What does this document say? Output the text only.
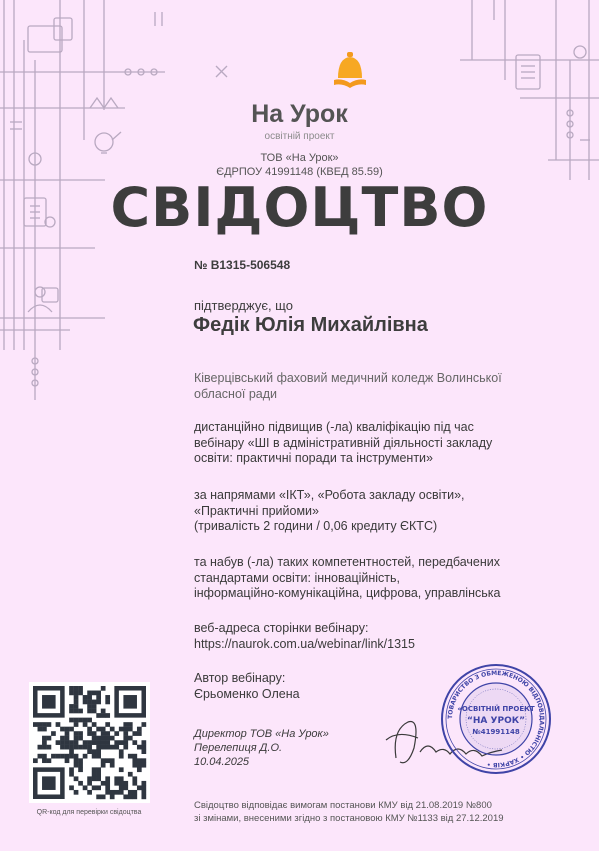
На Урок
освітній проект
ТОВ «На Урок»
ЄДРПОУ 41991148 (КВЕД 85.59)
СВІДОЦТВО
№ B1315-506548
підтверджує, що
Федік Юлія Михайлівна
Ківерцівський фаховий медичний коледж Волинської
обласної ради
дистанційно підвищив (-ла) кваліфікацію під час
вебінару «ШІ в адміністративній діяльності закладу
освіти: практичні поради та інструменти»
за напрямами «ІКТ», «Робота закладу освіти»,
«Практичні прийоми»
(тривалість 2 години / 0,06 кредиту ЄКТС)
та набув (-ла) таких компетентностей, передбачених
стандартами освіти: інноваційність,
інформаційно-комунікаційна, цифрова, управлінська
веб-адреса сторінки вебінару:
https://naurok.com.ua/webinar/link/1315
Автор вебінару:
Єрьоменко Олена
Директор ТОВ «На Урок»
Перелепиця Д.О.
10.04.2025
Свідоцтво відповідає вимогам постанови КМУ від 21.08.2019 №800
зі змінами, внесеними згідно з постановою КМУ №1133 від 27.12.2019
QR-код для перевірки свідоцтва
ТОВАРИСТВО З ОБМЕЖЕНОЮ ВІДПОВІДАЛЬНІСТЮ • ХАРКІВ •
«ОСВІТНІЙ ПРОЕКТ
“НА УРОК”
№41991148
